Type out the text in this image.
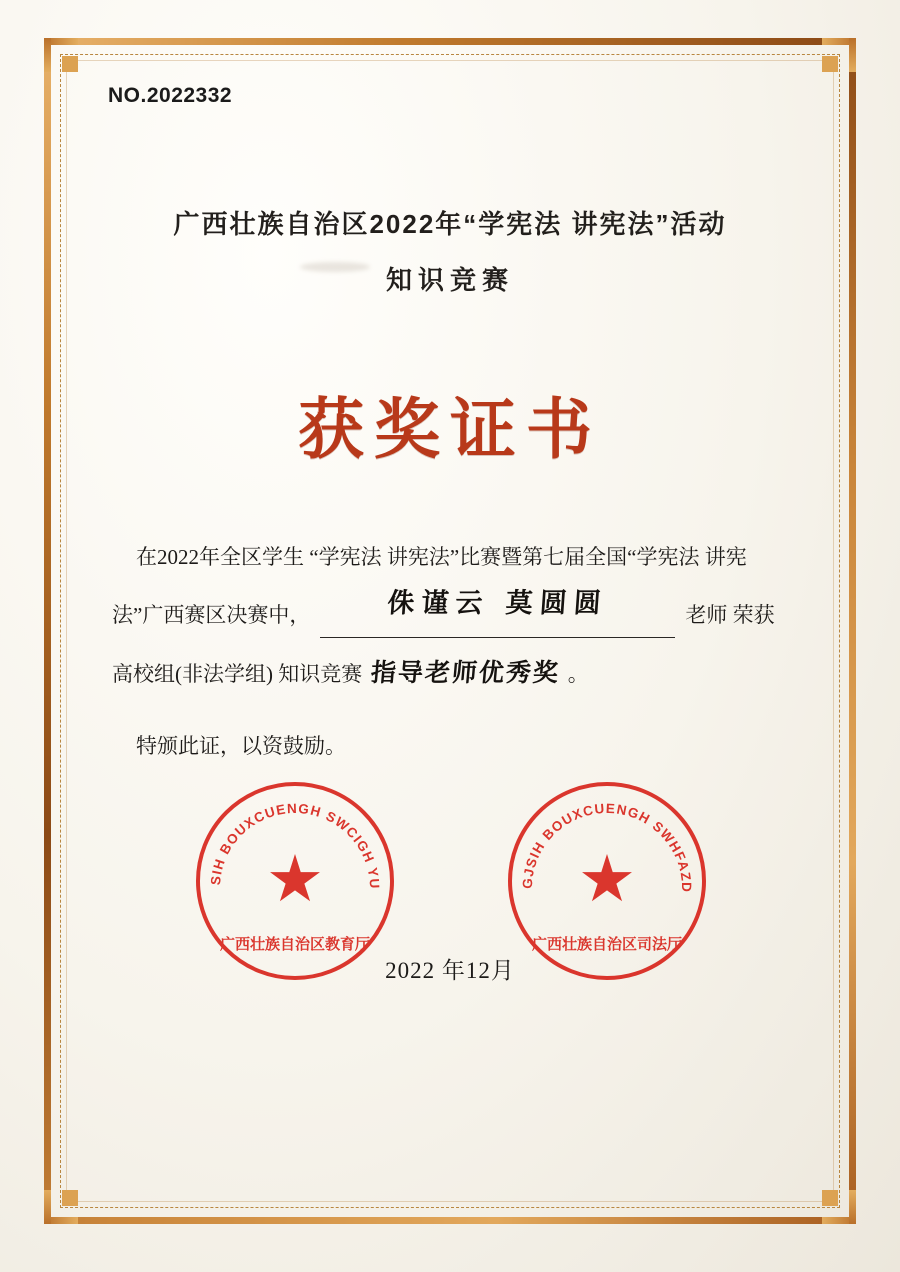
NO.2022332
广西壮族自治区2022年“学宪法 讲宪法”活动
知识竞赛
获奖证书

在2022年全区学生 “学宪法 讲宪法”比赛暨第七届全国“学宪法 讲宪

法”广西赛区决赛中，	侏谨云 莫圆圆	老师 荣获

高校组(非法学组) 知识竞赛 指导老师优秀奖 。

特颁此证，以资鼓励。

GVANGJSIH BOUXCUENGH SWCIGH YUZDINGH
广西壮族自治区教育厅
GVANGJSIH BOUXCUENGH SWHFAZDINGH
广西壮族自治区司法厅
2022 年12月
